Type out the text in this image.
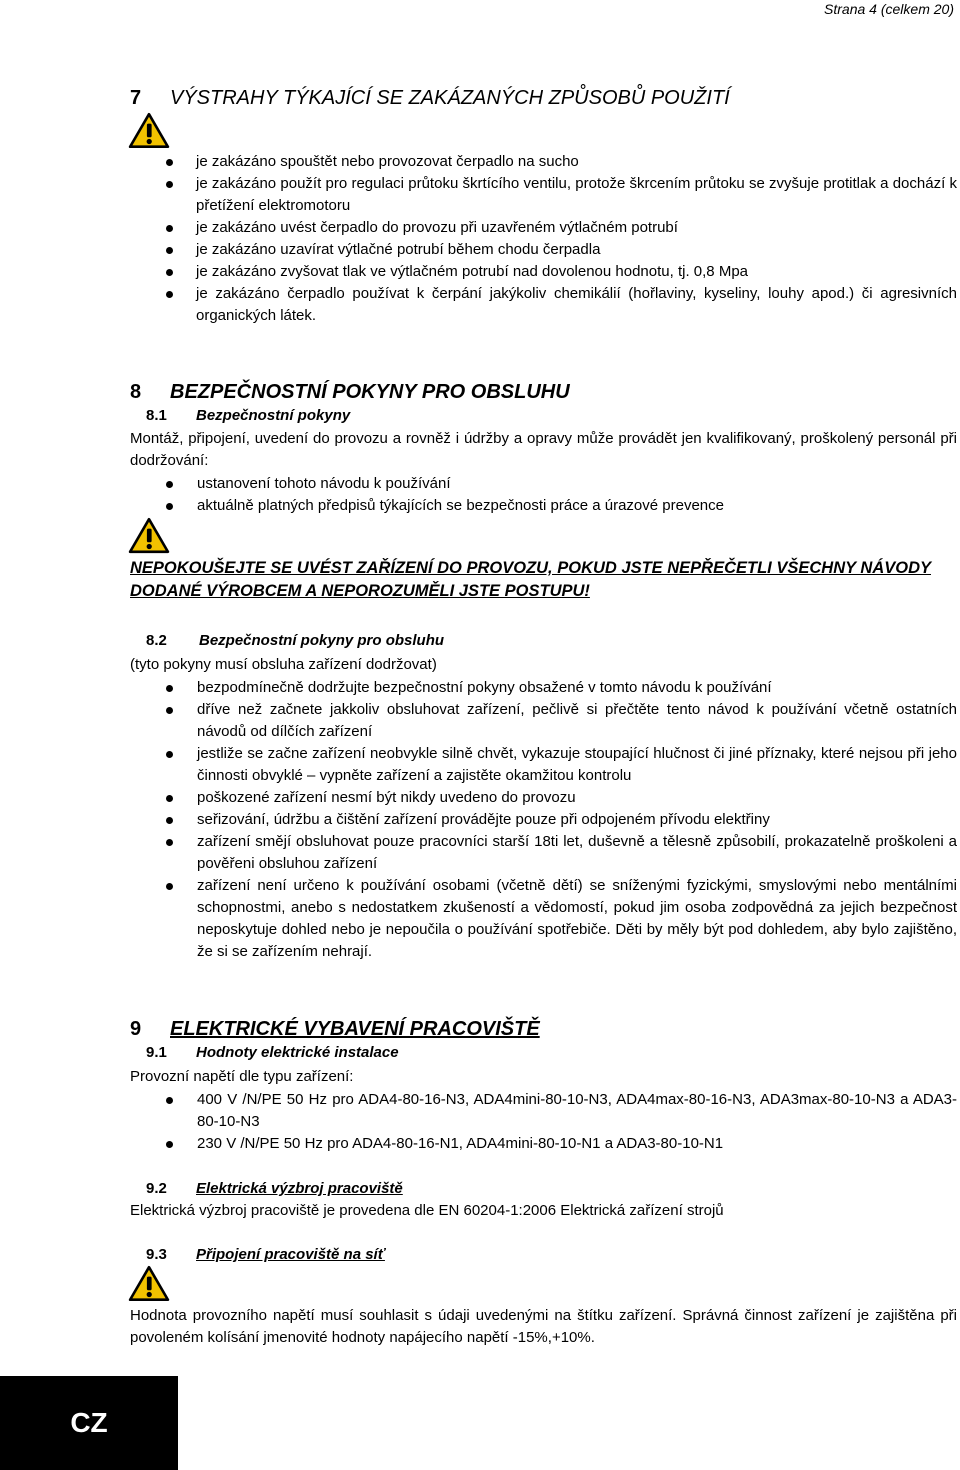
Strana 4 (celkem 20)
7 VÝSTRAHY TÝKAJÍCÍ SE ZAKÁZANÝCH ZPŮSOBŮ POUŽITÍ
je zakázáno spouštět nebo provozovat čerpadlo na sucho
je zakázáno použít pro regulaci průtoku škrtícího ventilu, protože škrcením průtoku se zvyšuje protitlak a dochází k přetížení elektromotoru
je zakázáno uvést čerpadlo do provozu při uzavřeném výtlačném potrubí
je zakázáno uzavírat výtlačné potrubí během chodu čerpadla
je zakázáno zvyšovat tlak ve výtlačném potrubí nad dovolenou hodnotu, tj. 0,8 Mpa
je zakázáno čerpadlo používat k čerpání jakýkoliv chemikálií (hořlaviny, kyseliny, louhy apod.) či agresivních organických látek.
8 BEZPEČNOSTNÍ POKYNY PRO OBSLUHU
8.1 Bezpečnostní pokyny

Montáž, připojení, uvedení do provozu a rovněž i údržby a opravy může provádět jen kvalifikovaný, proškolený personál při dodržování:

ustanovení tohoto návodu k používání
aktuálně platných předpisů týkajících se bezpečnosti práce a úrazové prevence

NEPOKOUŠEJTE SE UVÉST ZAŘÍZENÍ DO PROVOZU, POKUD JSTE NEPŘEČETLI VŠECHNY NÁVODY DODANÉ VÝROBCEM A NEPOROZUMĚLI JSTE POSTUPU!

8.2 Bezpečnostní pokyny pro obsluhu

(tyto pokyny musí obsluha zařízení dodržovat)

bezpodmínečně dodržujte bezpečnostní pokyny obsažené v tomto návodu k používání
dříve než začnete jakkoliv obsluhovat zařízení, pečlivě si přečtěte tento návod k používání včetně ostatních návodů od dílčích zařízení
jestliže se začne zařízení neobvykle silně chvět, vykazuje stoupající hlučnost či jiné příznaky, které nejsou při jeho činnosti obvyklé – vypněte zařízení a zajistěte okamžitou kontrolu
poškozené zařízení nesmí být nikdy uvedeno do provozu
seřizování, údržbu a čištění zařízení provádějte pouze při odpojeném přívodu elektřiny
zařízení smějí obsluhovat pouze pracovníci starší 18ti let, duševně a tělesně způsobilí, prokazatelně proškoleni a pověřeni obsluhou zařízení
zařízení není určeno k používání osobami (včetně dětí) se sníženými fyzickými, smyslovými nebo mentálními schopnostmi, anebo s nedostatkem zkušeností a vědomostí, pokud jim osoba zodpovědná za jejich bezpečnost neposkytuje dohled nebo je nepoučila o používání spotřebiče. Děti by měly být pod dohledem, aby bylo zajištěno, že si se zařízením nehrají.
9 ELEKTRICKÉ VYBAVENÍ PRACOVIŠTĚ
9.1 Hodnoty elektrické instalace

Provozní napětí dle typu zařízení:

400 V /N/PE 50 Hz pro ADA4-80-16-N3, ADA4mini-80-10-N3, ADA4max-80-16-N3, ADA3max-80-10-N3 a ADA3-80-10-N3
230 V /N/PE 50 Hz pro ADA4-80-16-N1, ADA4mini-80-10-N1 a ADA3-80-10-N1
9.2 Elektrická výzbroj pracoviště

Elektrická výzbroj pracoviště je provedena dle EN 60204-1:2006 Elektrická zařízení strojů

9.3 Připojení pracoviště na síť

Hodnota provozního napětí musí souhlasit s údaji uvedenými na štítku zařízení. Správná činnost zařízení je zajištěna při povoleném kolísání jmenovité hodnoty napájecího napětí -15%,+10%.

CZ
